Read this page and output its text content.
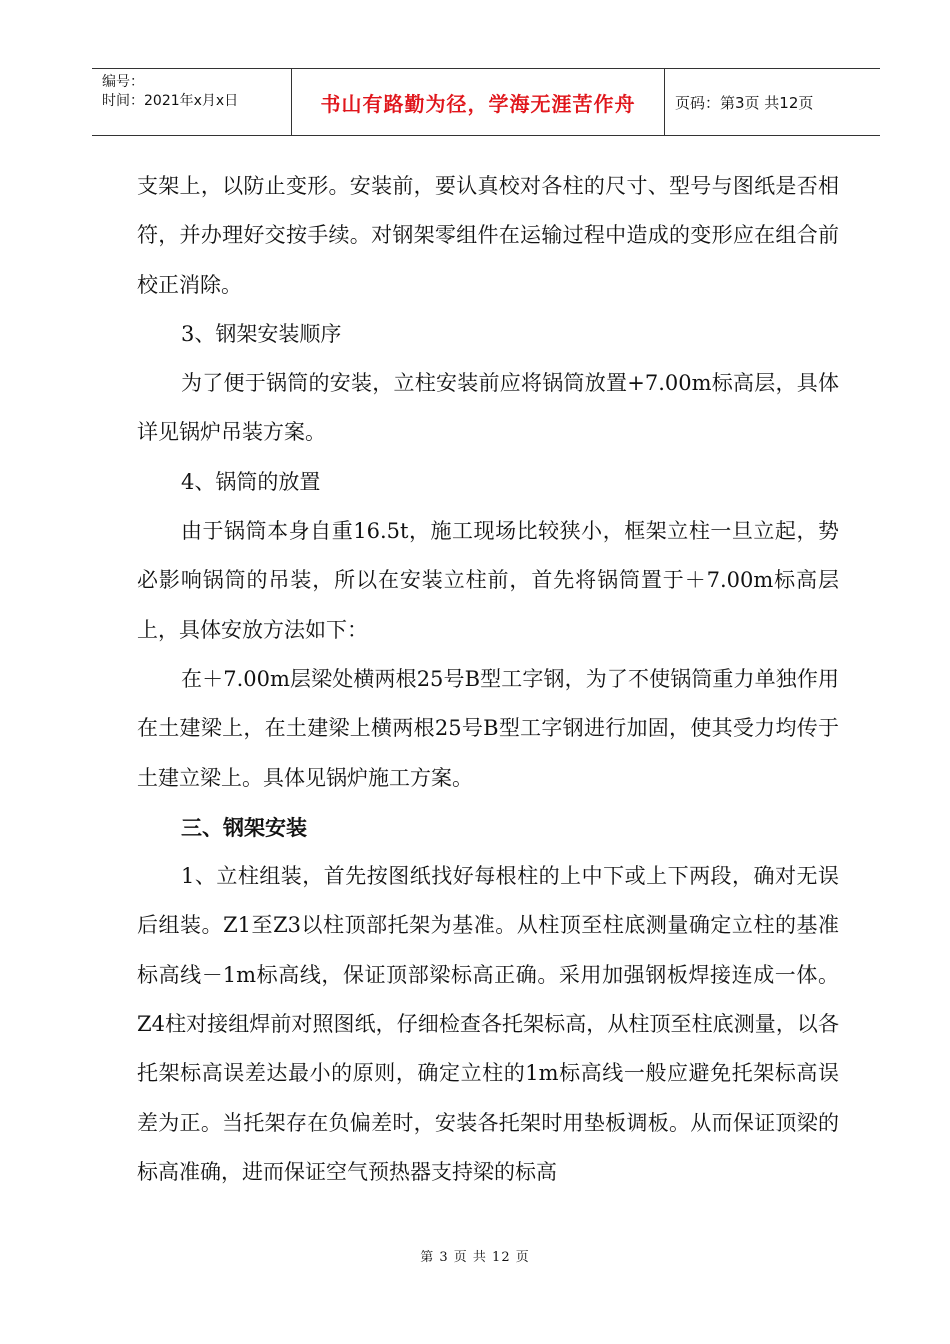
编号：
时间：2021年x月x日	书山有路勤为径，学海无涯苦作舟	页码：第3页 共12页

支架上，以防止变形。安装前，要认真校对各柱的尺寸、型号与图纸是否相符，并办理好交按手续。对钢架零组件在运输过程中造成的变形应在组合前校正消除。

3、钢架安装顺序

为了便于锅筒的安装，立柱安装前应将锅筒放置+7.00m标高层，具体详见锅炉吊装方案。

4、锅筒的放置

由于锅筒本身自重16.5t，施工现场比较狭小，框架立柱一旦立起，势必影响锅筒的吊装，所以在安装立柱前，首先将锅筒置于＋7.00m标高层上，具体安放方法如下：

在＋7.00m层梁处横两根25号B型工字钢，为了不使锅筒重力单独作用在土建梁上，在土建梁上横两根25号B型工字钢进行加固，使其受力均传于土建立梁上。具体见锅炉施工方案。

三、钢架安装

1、立柱组装，首先按图纸找好每根柱的上中下或上下两段，确对无误后组装。Z1至Z3以柱顶部托架为基准。从柱顶至柱底测量确定立柱的基准标高线－1m标高线，保证顶部梁标高正确。采用加强钢板焊接连成一体。Z4柱对接组焊前对照图纸，仔细检查各托架标高，从柱顶至柱底测量，以各托架标高误差达最小的原则，确定立柱的1m标高线一般应避免托架标高误差为正。当托架存在负偏差时，安装各托架时用垫板调板。从而保证顶梁的标高准确，进而保证空气预热器支持梁的标高

第 3 页 共 12 页
